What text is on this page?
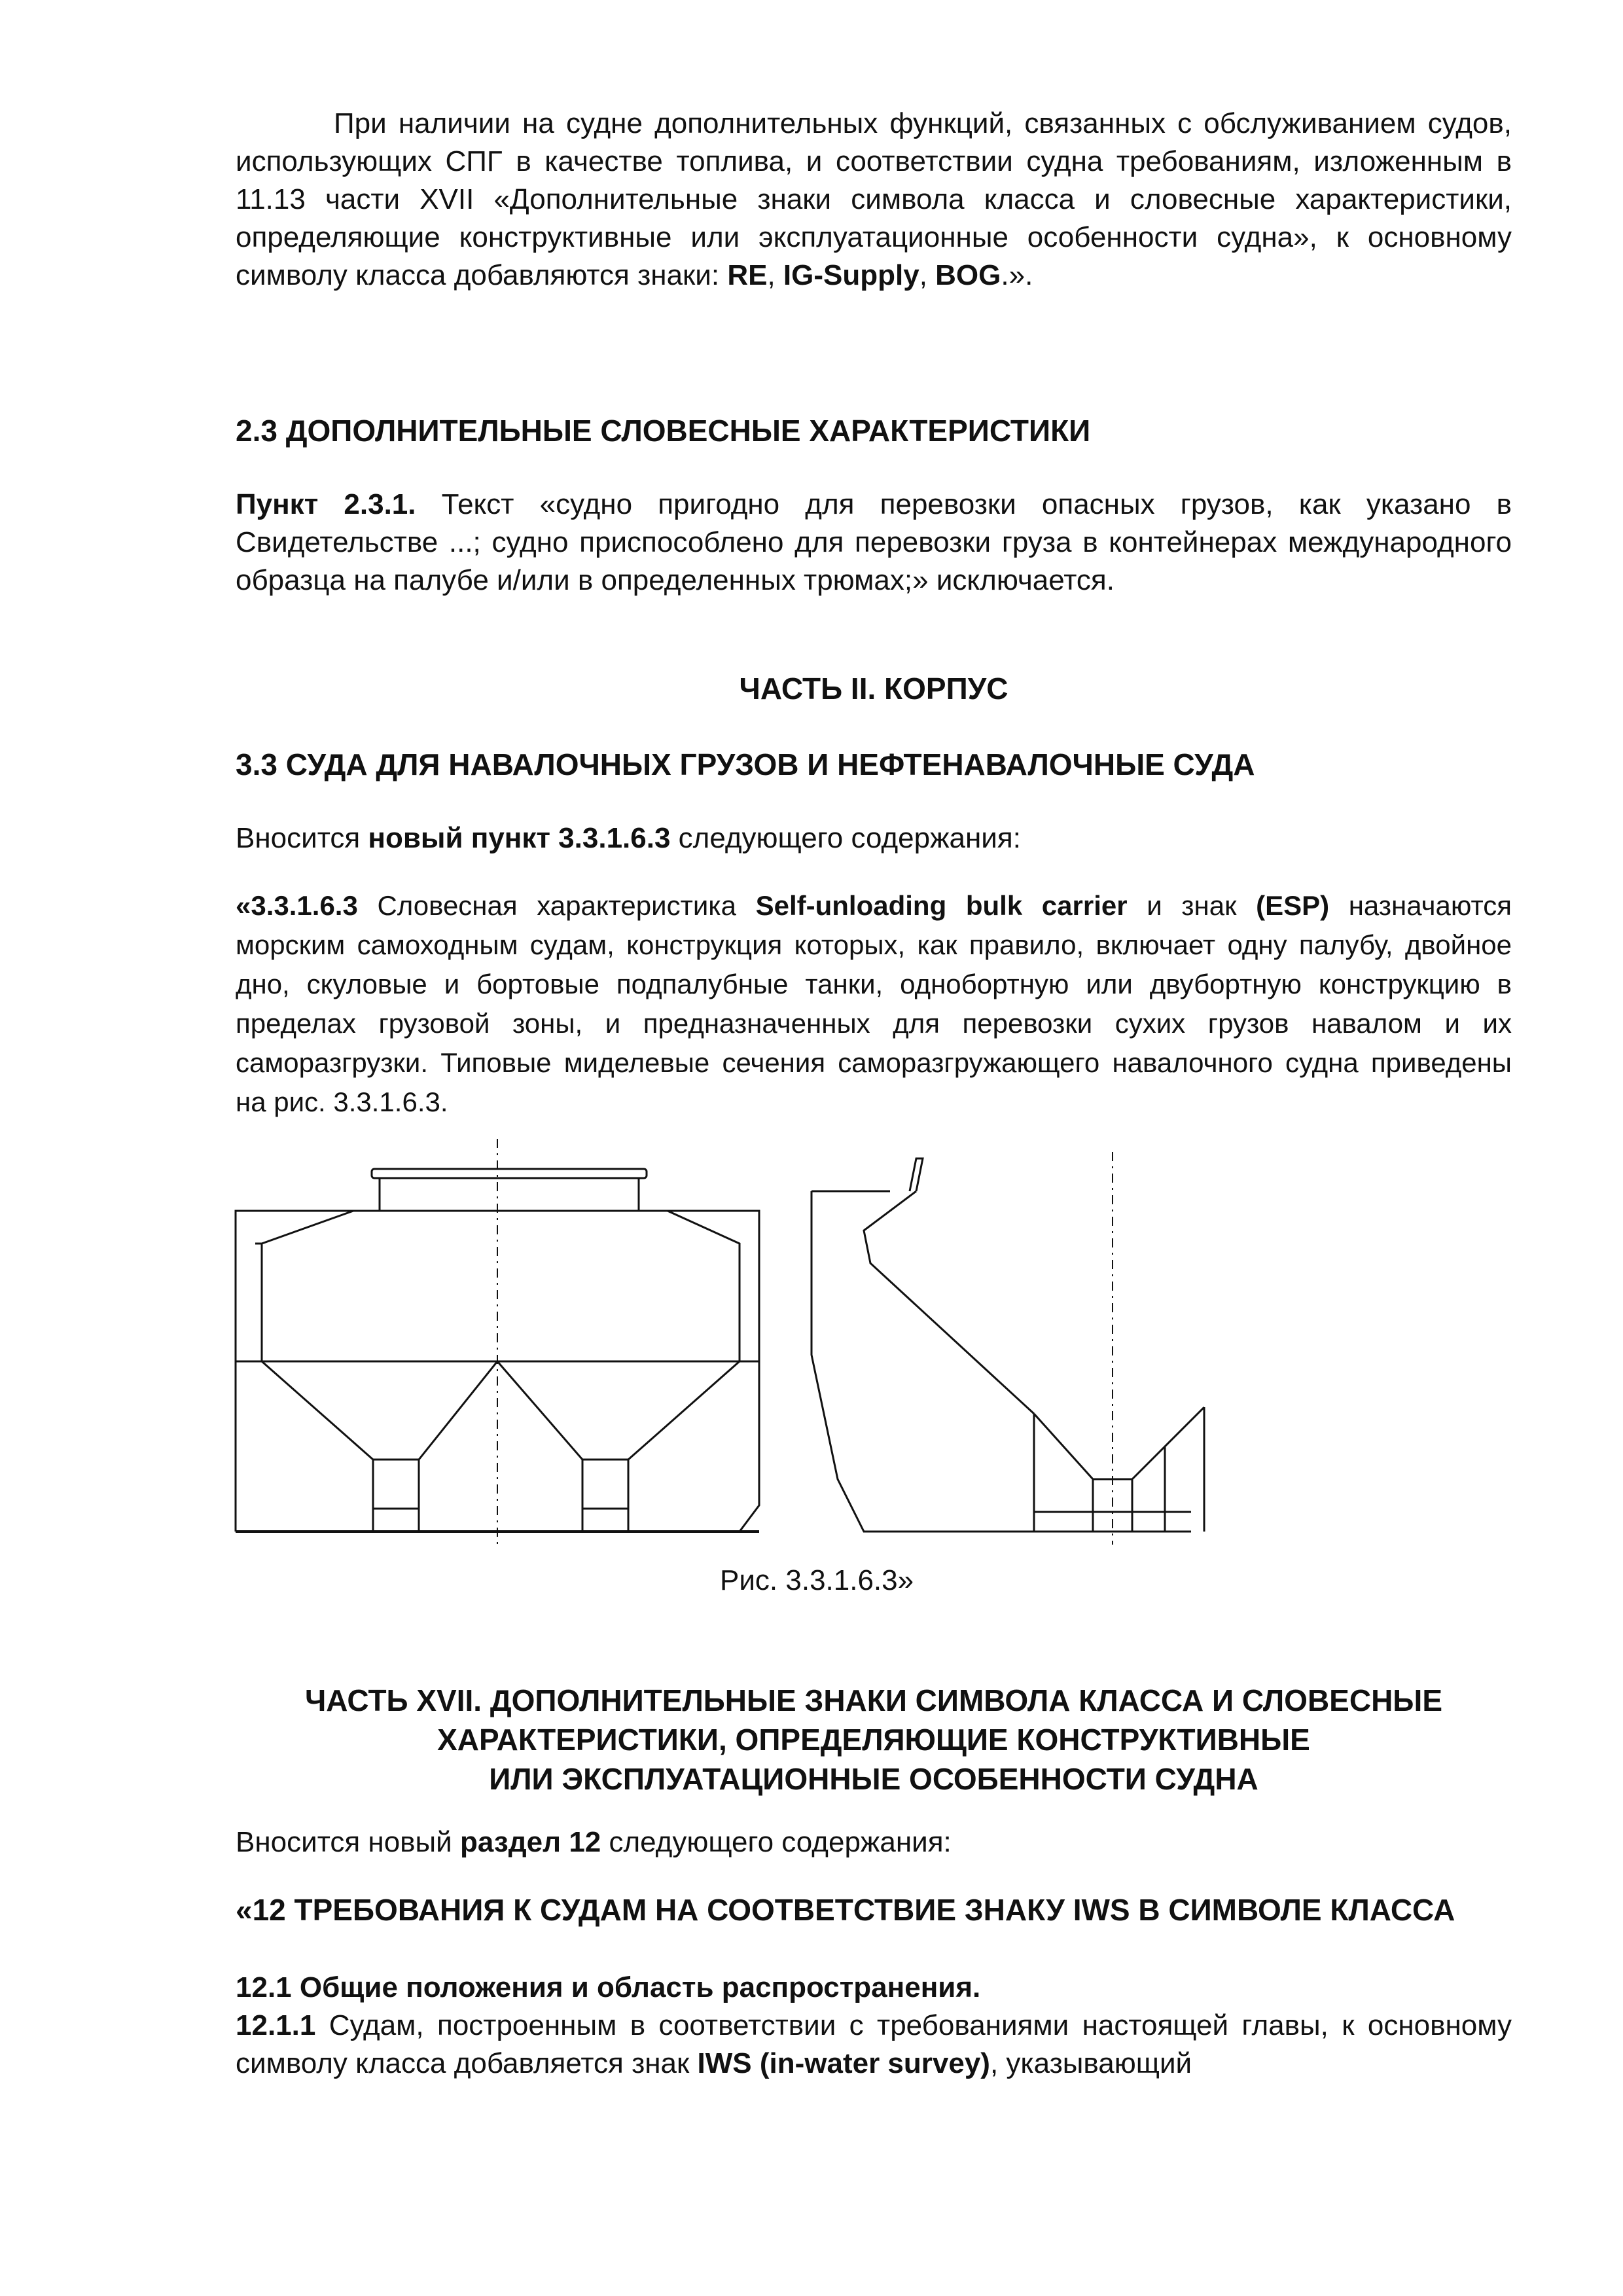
При наличии на судне дополнительных функций, связанных с обслуживанием судов, использующих СПГ в качестве топлива, и соответствии судна требованиям, изложенным в 11.13 части XVII «Дополнительные знаки символа класса и словесные характеристики, определяющие конструктивные или эксплуатационные особенности судна», к основному символу класса добавляются знаки: RE, IG-Supply, BOG.».
2.3 ДОПОЛНИТЕЛЬНЫЕ СЛОВЕСНЫЕ ХАРАКТЕРИСТИКИ
Пункт 2.3.1. Текст «судно пригодно для перевозки опасных грузов, как указано в Свидетельстве ...; судно приспособлено для перевозки груза в контейнерах международного образца на палубе и/или в определенных трюмах;» исключается.
ЧАСТЬ II. КОРПУС
3.3 СУДА ДЛЯ НАВАЛОЧНЫХ ГРУЗОВ И НЕФТЕНАВАЛОЧНЫЕ СУДА
Вносится новый пункт 3.3.1.6.3 следующего содержания:
«3.3.1.6.3 Словесная характеристика Self-unloading bulk carrier и знак (ESP) назначаются морским самоходным судам, конструкция которых, как правило, включает одну палубу, двойное дно, скуловые и бортовые подпалубные танки, однобортную или двубортную конструкцию в пределах грузовой зоны, и предназначенных для перевозки сухих грузов навалом и их саморазгрузки. Типовые миделевые сечения саморазгружающего навалочного судна приведены на рис. 3.3.1.6.3.
Рис. 3.3.1.6.3»
ЧАСТЬ XVII. ДОПОЛНИТЕЛЬНЫЕ ЗНАКИ СИМВОЛА КЛАССА И СЛОВЕСНЫЕ
ХАРАКТЕРИСТИКИ, ОПРЕДЕЛЯЮЩИЕ КОНСТРУКТИВНЫЕ
ИЛИ ЭКСПЛУАТАЦИОННЫЕ ОСОБЕННОСТИ СУДНА
Вносится новый раздел 12 следующего содержания:
«12 ТРЕБОВАНИЯ К СУДАМ НА СООТВЕТСТВИЕ ЗНАКУ IWS В СИМВОЛЕ КЛАССА
12.1 Общие положения и область распространения.
12.1.1 Судам, построенным в соответствии с требованиями настоящей главы, к основному символу класса добавляется знак IWS (in-water survey), указывающий
